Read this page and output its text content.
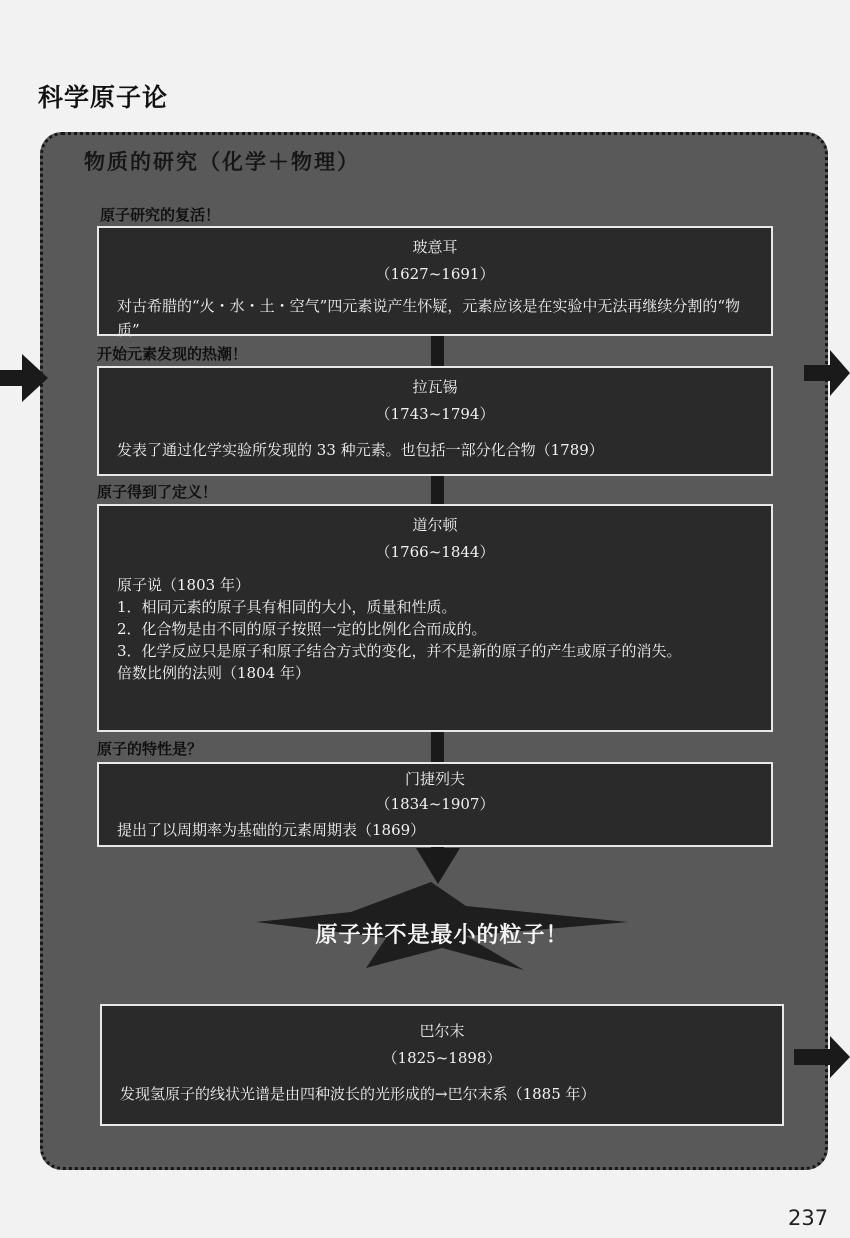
科学原子论
物质的研究（化学＋物理）
原子研究的复活！
玻意耳
（1627~1691）
对古希腊的“火・水・土・空气”四元素说产生怀疑，元素应该是在实验中无法再继续分割的“物质”
开始元素发现的热潮！
拉瓦锡
（1743~1794）
发表了通过化学实验所发现的 33 种元素。也包括一部分化合物（1789）
原子得到了定义！
道尔顿
（1766~1844）
原子说（1803 年）
1．相同元素的原子具有相同的大小，质量和性质。
2．化合物是由不同的原子按照一定的比例化合而成的。
3．化学反应只是原子和原子结合方式的变化，并不是新的原子的产生或原子的消失。
倍数比例的法则（1804 年）
原子的特性是？
门捷列夫
（1834~1907）
提出了以周期率为基础的元素周期表（1869）
原子并不是最小的粒子！
巴尔末
（1825~1898）
发现氢原子的线状光谱是由四种波长的光形成的→巴尔末系（1885 年）
237
